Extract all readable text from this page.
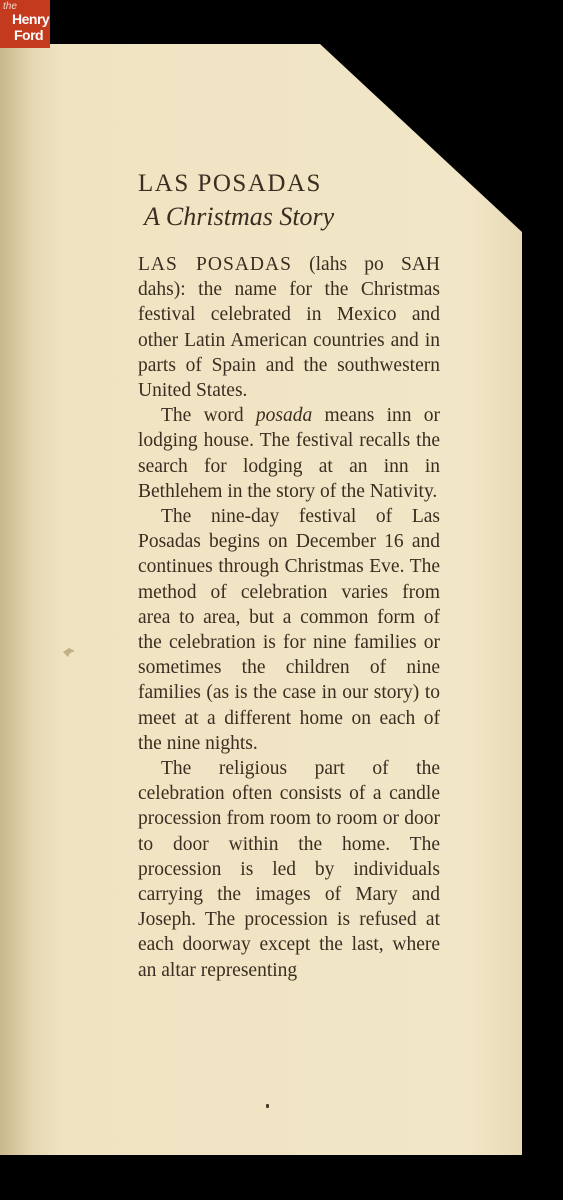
the
Henry
Ford
LAS POSADAS
A Christmas Story

LAS POSADAS (lahs po SAH dahs): the name for the Christmas festival celebrated in Mexico and other Latin American countries and in parts of Spain and the southwestern United States.

The word posada means inn or lodging house. The festival recalls the search for lodging at an inn in Bethlehem in the story of the Nativity.

The nine-day festival of Las Posadas begins on December 16 and continues through Christmas Eve. The method of celebration varies from area to area, but a common form of the celebration is for nine families or sometimes the children of nine families (as is the case in our story) to meet at a different home on each of the nine nights.

The religious part of the celebration often consists of a candle procession from room to room or door to door within the home. The procession is led by individuals carrying the images of Mary and Joseph. The procession is refused at each doorway except the last, where an altar representing
